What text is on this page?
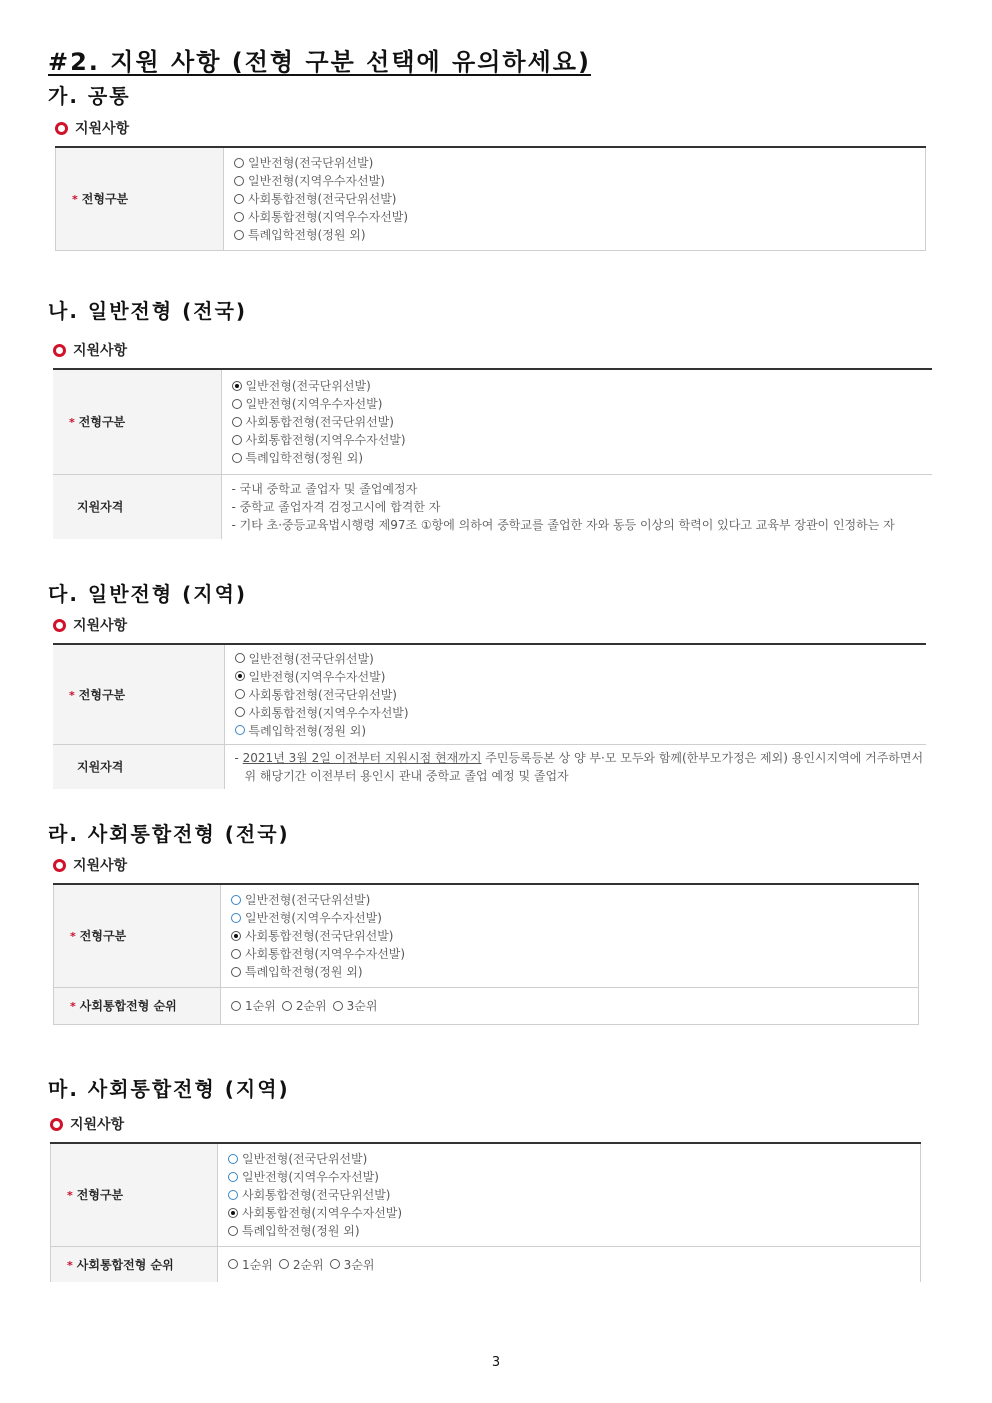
#2. 지원 사항 (전형 구분 선택에 유의하세요)
가. 공통
지원사항
* 전형구분	
일반전형(전국단위선발)
일반전형(지역우수자선발)
사회통합전형(전국단위선발)
사회통합전형(지역우수자선발)
특례입학전형(정원 외)
나. 일반전형 (전국)
지원사항
* 전형구분	일반전형(전국단위선발)
일반전형(지역우수자선발)
사회통합전형(전국단위선발)
사회통합전형(지역우수자선발)
특례입학전형(정원 외)

지원자격	- 국내 중학교 졸업자 및 졸업예정자
- 중학교 졸업자격 검정고시에 합격한 자
- 기타 초·중등교육법시행령 제97조 ①항에 의하여 중학교를 졸업한 자와 동등 이상의 학력이 있다고 교육부 장관이 인정하는 자
다. 일반전형 (지역)
지원사항
* 전형구분	일반전형(전국단위선발)
일반전형(지역우수자선발)
사회통합전형(전국단위선발)
사회통합전형(지역우수자선발)
특례입학전형(정원 외)

지원자격	- 2021년 3월 2일 이전부터 지원시점 현재까지 주민등록등본 상 양 부·모 모두와 함께(한부모가정은 제외) 용인시지역에 거주하면서
위 해당기간 이전부터 용인시 관내 중학교 졸업 예정 및 졸업자
라. 사회통합전형 (전국)
지원사항
* 전형구분	일반전형(전국단위선발)
일반전형(지역우수자선발)
사회통합전형(전국단위선발)
사회통합전형(지역우수자선발)
특례입학전형(정원 외)

* 사회통합전형 순위	1순위 2순위 3순위
마. 사회통합전형 (지역)
지원사항
* 전형구분	일반전형(전국단위선발)
일반전형(지역우수자선발)
사회통합전형(전국단위선발)
사회통합전형(지역우수자선발)
특례입학전형(정원 외)

* 사회통합전형 순위	1순위 2순위 3순위
3
